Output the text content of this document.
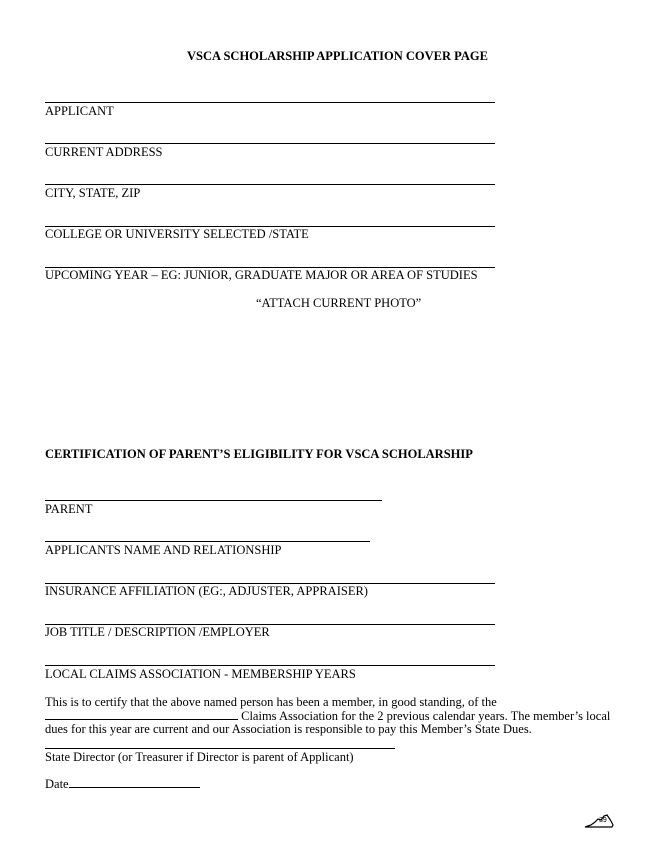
VSCA SCHOLARSHIP APPLICATION COVER PAGE
APPLICANT
CURRENT ADDRESS
CITY, STATE, ZIP
COLLEGE OR UNIVERSITY SELECTED /STATE
UPCOMING YEAR – EG: JUNIOR, GRADUATE MAJOR OR AREA OF STUDIES
“ATTACH CURRENT PHOTO”
CERTIFICATION OF PARENT’S ELIGIBILITY FOR VSCA SCHOLARSHIP
PARENT
APPLICANTS NAME AND RELATIONSHIP
INSURANCE AFFILIATION (EG:, ADJUSTER, APPRAISER)
JOB TITLE / DESCRIPTION /EMPLOYER
LOCAL CLAIMS ASSOCIATION - MEMBERSHIP YEARS
This is to certify that the above named person has been a member, in good standing, of the
Claims Association for the 2 previous calendar years. The member’s local
dues for this year are current and our Association is responsible to pay this Member’s State Dues.
State Director (or Treasurer if Director is parent of Applicant)
Date
39
